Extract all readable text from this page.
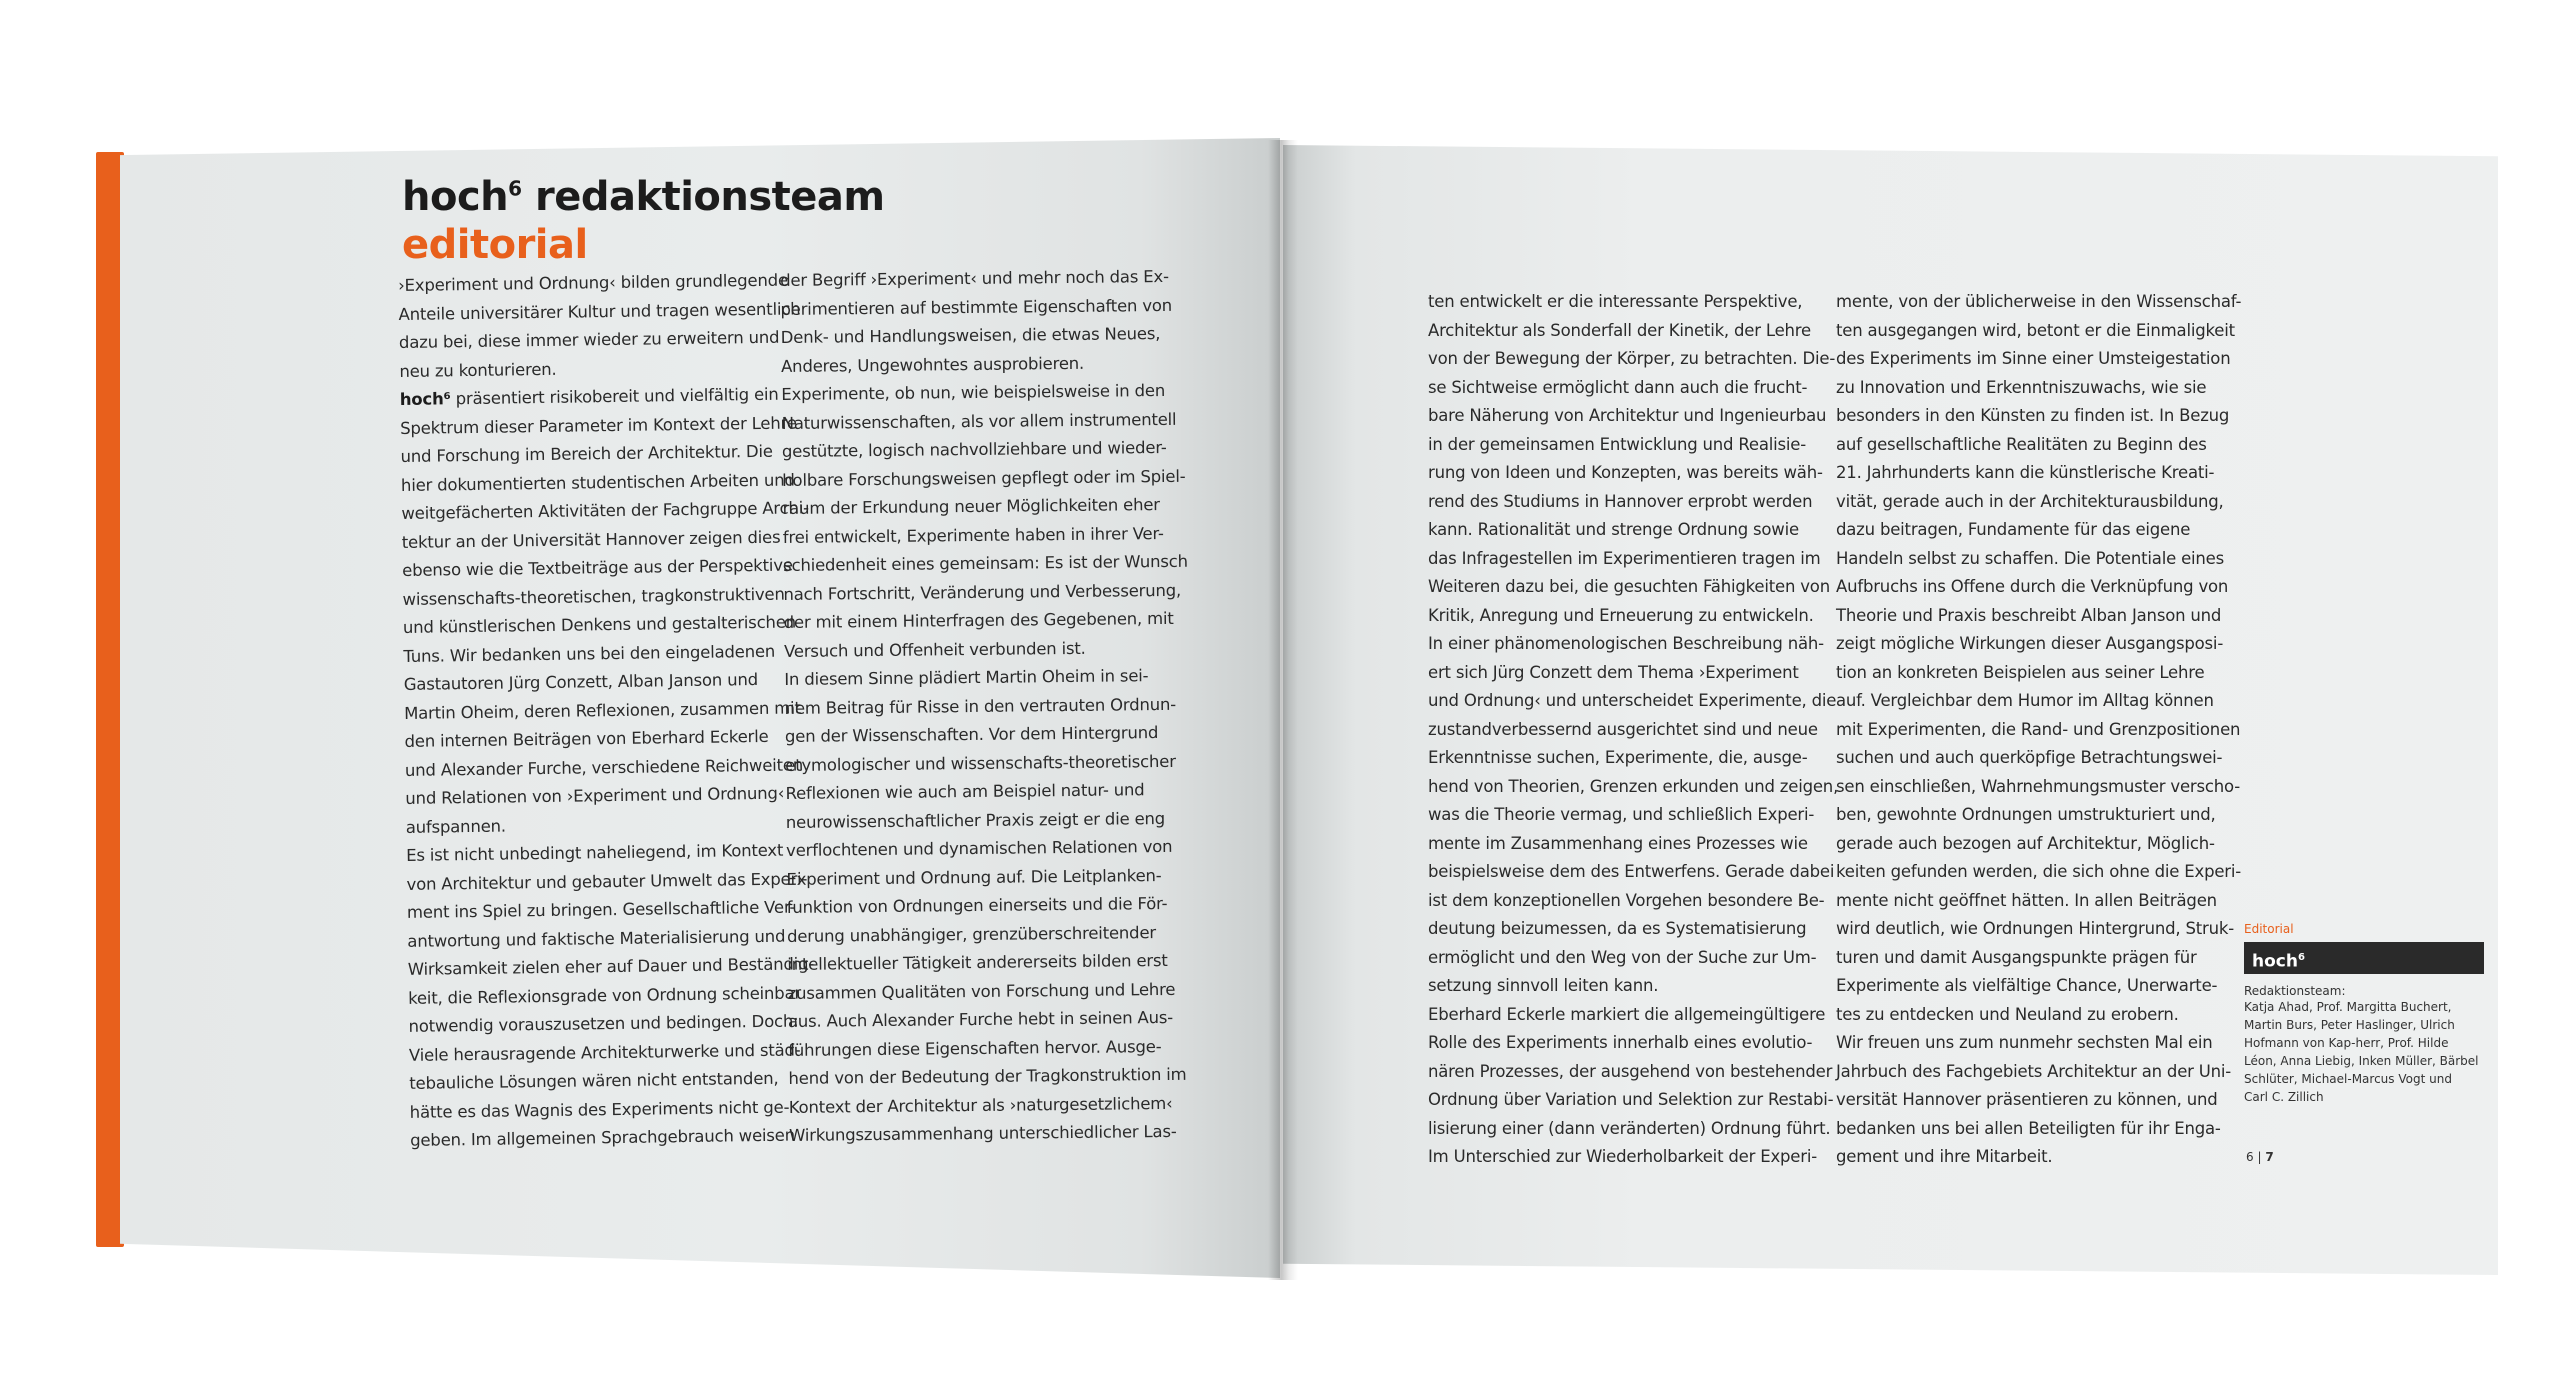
hoch$^6$ redaktionsteam
editorial

›Experiment und Ordnung‹ bilden grundlegende

Anteile universitärer Kultur und tragen wesentlich

dazu bei, diese immer wieder zu erweitern und

neu zu konturieren.

hoch⁶ präsentiert risikobereit und vielfältig ein

Spektrum dieser Parameter im Kontext der Lehre

und Forschung im Bereich der Architektur. Die

hier dokumentierten studentischen Arbeiten und

weitgefächerten Aktivitäten der Fachgruppe Archi-

tektur an der Universität Hannover zeigen dies

ebenso wie die Textbeiträge aus der Perspektive

wissenschafts-theoretischen, tragkonstruktiven

und künstlerischen Denkens und gestalterischen

Tuns. Wir bedanken uns bei den eingeladenen

Gastautoren Jürg Conzett, Alban Janson und

Martin Oheim, deren Reflexionen, zusammen mit

den internen Beiträgen von Eberhard Eckerle

und Alexander Furche, verschiedene Reichweiten

und Relationen von ›Experiment und Ordnung‹

aufspannen.

Es ist nicht unbedingt naheliegend, im Kontext

von Architektur und gebauter Umwelt das Experi-

ment ins Spiel zu bringen. Gesellschaftliche Ver-

antwortung und faktische Materialisierung und

Wirksamkeit zielen eher auf Dauer und Beständig-

keit, die Reflexionsgrade von Ordnung scheinbar

notwendig vorauszusetzen und bedingen. Doch:

Viele herausragende Architekturwerke und städ-

tebauliche Lösungen wären nicht entstanden,

hätte es das Wagnis des Experiments nicht ge-

geben. Im allgemeinen Sprachgebrauch weisen

der Begriff ›Experiment‹ und mehr noch das Ex-

perimentieren auf bestimmte Eigenschaften von

Denk- und Handlungsweisen, die etwas Neues,

Anderes, Ungewohntes ausprobieren.

Experimente, ob nun, wie beispielsweise in den

Naturwissenschaften, als vor allem instrumentell

gestützte, logisch nachvollziehbare und wieder-

holbare Forschungsweisen gepflegt oder im Spiel-

raum der Erkundung neuer Möglichkeiten eher

frei entwickelt, Experimente haben in ihrer Ver-

schiedenheit eines gemeinsam: Es ist der Wunsch

nach Fortschritt, Veränderung und Verbesserung,

der mit einem Hinterfragen des Gegebenen, mit

Versuch und Offenheit verbunden ist.

In diesem Sinne plädiert Martin Oheim in sei-

nem Beitrag für Risse in den vertrauten Ordnun-

gen der Wissenschaften. Vor dem Hintergrund

etymologischer und wissenschafts-theoretischer

Reflexionen wie auch am Beispiel natur- und

neurowissenschaftlicher Praxis zeigt er die eng

verflochtenen und dynamischen Relationen von

Experiment und Ordnung auf. Die Leitplanken-

funktion von Ordnungen einerseits und die För-

derung unabhängiger, grenzüberschreitender

intellektueller Tätigkeit andererseits bilden erst

zusammen Qualitäten von Forschung und Lehre

aus. Auch Alexander Furche hebt in seinen Aus-

führungen diese Eigenschaften hervor. Ausge-

hend von der Bedeutung der Tragkonstruktion im

Kontext der Architektur als ›naturgesetzlichem‹

Wirkungszusammenhang unterschiedlicher Las-

ten entwickelt er die interessante Perspektive,

Architektur als Sonderfall der Kinetik, der Lehre

von der Bewegung der Körper, zu betrachten. Die-

se Sichtweise ermöglicht dann auch die frucht-

bare Näherung von Architektur und Ingenieurbau

in der gemeinsamen Entwicklung und Realisie-

rung von Ideen und Konzepten, was bereits wäh-

rend des Studiums in Hannover erprobt werden

kann. Rationalität und strenge Ordnung sowie

das Infragestellen im Experimentieren tragen im

Weiteren dazu bei, die gesuchten Fähigkeiten von

Kritik, Anregung und Erneuerung zu entwickeln.

In einer phänomenologischen Beschreibung näh-

ert sich Jürg Conzett dem Thema ›Experiment

und Ordnung‹ und unterscheidet Experimente, die

zustandverbessernd ausgerichtet sind und neue

Erkenntnisse suchen, Experimente, die, ausge-

hend von Theorien, Grenzen erkunden und zeigen,

was die Theorie vermag, und schließlich Experi-

mente im Zusammenhang eines Prozesses wie

beispielsweise dem des Entwerfens. Gerade dabei

ist dem konzeptionellen Vorgehen besondere Be-

deutung beizumessen, da es Systematisierung

ermöglicht und den Weg von der Suche zur Um-

setzung sinnvoll leiten kann.

Eberhard Eckerle markiert die allgemeingültigere

Rolle des Experiments innerhalb eines evolutio-

nären Prozesses, der ausgehend von bestehender

Ordnung über Variation und Selektion zur Restabi-

lisierung einer (dann veränderten) Ordnung führt.

Im Unterschied zur Wiederholbarkeit der Experi-

mente, von der üblicherweise in den Wissenschaf-

ten ausgegangen wird, betont er die Einmaligkeit

des Experiments im Sinne einer Umsteigestation

zu Innovation und Erkenntniszuwachs, wie sie

besonders in den Künsten zu finden ist. In Bezug

auf gesellschaftliche Realitäten zu Beginn des

21. Jahrhunderts kann die künstlerische Kreati-

vität, gerade auch in der Architekturausbildung,

dazu beitragen, Fundamente für das eigene

Handeln selbst zu schaffen. Die Potentiale eines

Aufbruchs ins Offene durch die Verknüpfung von

Theorie und Praxis beschreibt Alban Janson und

zeigt mögliche Wirkungen dieser Ausgangsposi-

tion an konkreten Beispielen aus seiner Lehre

auf. Vergleichbar dem Humor im Alltag können

mit Experimenten, die Rand- und Grenzpositionen

suchen und auch querköpfige Betrachtungswei-

sen einschließen, Wahrnehmungsmuster verscho-

ben, gewohnte Ordnungen umstrukturiert und,

gerade auch bezogen auf Architektur, Möglich-

keiten gefunden werden, die sich ohne die Experi-

mente nicht geöffnet hätten. In allen Beiträgen

wird deutlich, wie Ordnungen Hintergrund, Struk-

turen und damit Ausgangspunkte prägen für

Experimente als vielfältige Chance, Unerwarte-

tes zu entdecken und Neuland zu erobern.

Wir freuen uns zum nunmehr sechsten Mal ein

Jahrbuch des Fachgebiets Architektur an der Uni-

versität Hannover präsentieren zu können, und

bedanken uns bei allen Beteiligten für ihr Enga-

gement und ihre Mitarbeit.

Editorial
hoch$^6$
Redaktionsteam:
Katja Ahad, Prof. Margitta Buchert, Martin Burs, Peter Haslinger, Ulrich Hofmann von Kap-herr, Prof. Hilde Léon, Anna Liebig, Inken Müller, Bärbel Schlüter, Michael-Marcus Vogt und Carl C. Zillich
6 | 7
